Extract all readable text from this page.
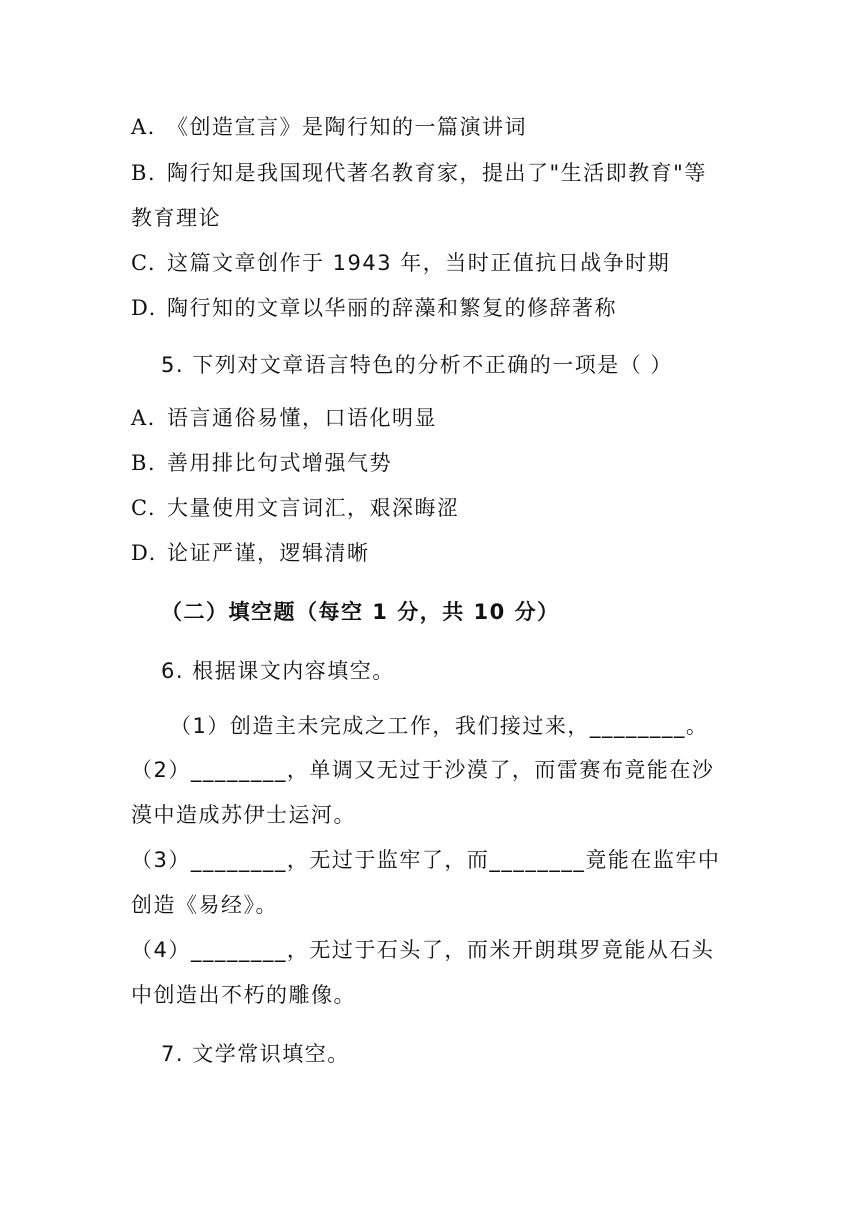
A. 《创造宣言》是陶行知的一篇演讲词
B. 陶行知是我国现代著名教育家，提出了"生活即教育"等
教育理论
C. 这篇文章创作于 1943 年，当时正值抗日战争时期
D. 陶行知的文章以华丽的辞藻和繁复的修辞著称
5. 下列对文章语言特色的分析不正确的一项是（ ）
A. 语言通俗易懂，口语化明显
B. 善用排比句式增强气势
C. 大量使用文言词汇，艰深晦涩
D. 论证严谨，逻辑清晰
（二）填空题（每空 1 分，共 10 分）
6. 根据课文内容填空。
（1）创造主未完成之工作，我们接过来，________。
（2）________，单调又无过于沙漠了，而雷赛布竟能在沙
漠中造成苏伊士运河。
（3）________，无过于监牢了，而________竟能在监牢中
创造《易经》。
（4）________，无过于石头了，而米开朗琪罗竟能从石头
中创造出不朽的雕像。
7. 文学常识填空。
